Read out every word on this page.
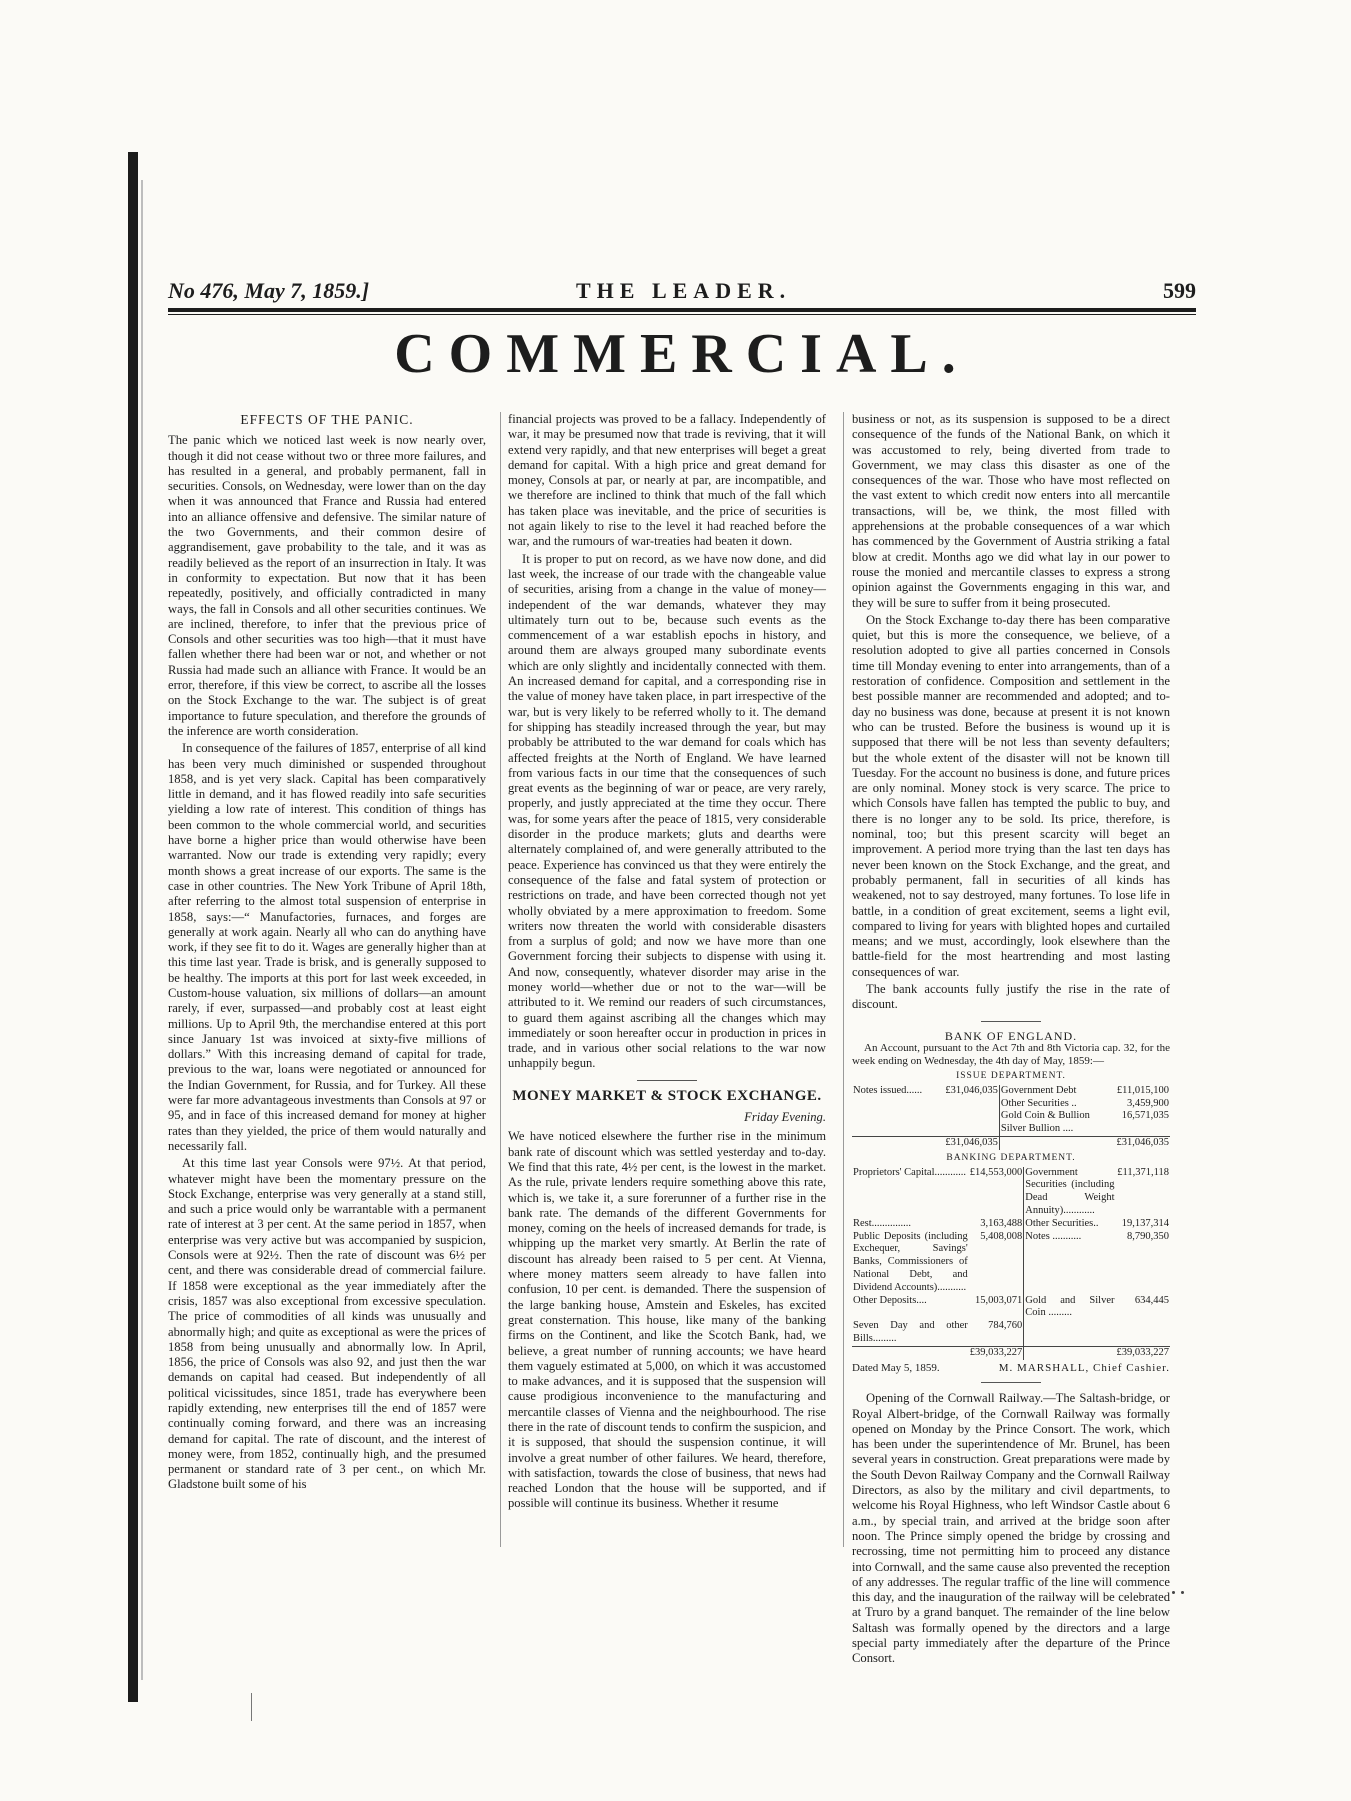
No 476, May 7, 1859.]	THE LEADER.	599
COMMERCIAL.
EFFECTS OF THE PANIC.

The panic which we noticed last week is now nearly over, though it did not cease without two or three more failures, and has resulted in a general, and probably permanent, fall in securities. Consols, on Wednesday, were lower than on the day when it was announced that France and Russia had entered into an alliance offensive and defensive. The similar nature of the two Governments, and their common desire of aggrandisement, gave probability to the tale, and it was as readily believed as the report of an insurrection in Italy. It was in conformity to expectation. But now that it has been repeatedly, positively, and officially contradicted in many ways, the fall in Consols and all other securities continues. We are inclined, therefore, to infer that the previous price of Consols and other securities was too high—that it must have fallen whether there had been war or not, and whether or not Russia had made such an alliance with France. It would be an error, therefore, if this view be correct, to ascribe all the losses on the Stock Exchange to the war. The subject is of great importance to future speculation, and therefore the grounds of the inference are worth consideration.

In consequence of the failures of 1857, enterprise of all kind has been very much diminished or suspended throughout 1858, and is yet very slack. Capital has been comparatively little in demand, and it has flowed readily into safe securities yielding a low rate of interest. This condition of things has been common to the whole commercial world, and securities have borne a higher price than would otherwise have been warranted. Now our trade is extending very rapidly; every month shows a great increase of our exports. The same is the case in other countries. The New York Tribune of April 18th, after referring to the almost total suspension of enterprise in 1858, says:—“ Manufactories, furnaces, and forges are generally at work again. Nearly all who can do anything have work, if they see fit to do it. Wages are generally higher than at this time last year. Trade is brisk, and is generally supposed to be healthy. The imports at this port for last week exceeded, in Custom-house valuation, six millions of dollars—an amount rarely, if ever, surpassed—and probably cost at least eight millions. Up to April 9th, the merchandise entered at this port since January 1st was invoiced at sixty-five millions of dollars.” With this increasing demand of capital for trade, previous to the war, loans were negotiated or announced for the Indian Government, for Russia, and for Turkey. All these were far more advantageous investments than Consols at 97 or 95, and in face of this increased demand for money at higher rates than they yielded, the price of them would naturally and necessarily fall.

At this time last year Consols were 97½. At that period, whatever might have been the momentary pressure on the Stock Exchange, enterprise was very generally at a stand still, and such a price would only be warrantable with a permanent rate of interest at 3 per cent. At the same period in 1857, when enterprise was very active but was accompanied by suspicion, Consols were at 92½. Then the rate of discount was 6½ per cent, and there was considerable dread of commercial failure. If 1858 were exceptional as the year immediately after the crisis, 1857 was also exceptional from excessive speculation. The price of commodities of all kinds was unusually and abnormally high; and quite as exceptional as were the prices of 1858 from being unusually and abnormally low. In April, 1856, the price of Consols was also 92, and just then the war demands on capital had ceased. But independently of all political vicissitudes, since 1851, trade has everywhere been rapidly extending, new enterprises till the end of 1857 were continually coming forward, and there was an increasing demand for capital. The rate of discount, and the interest of money were, from 1852, continually high, and the presumed permanent or standard rate of 3 per cent., on which Mr. Gladstone built some of his

financial projects was proved to be a fallacy. Independently of war, it may be presumed now that trade is reviving, that it will extend very rapidly, and that new enterprises will beget a great demand for capital. With a high price and great demand for money, Consols at par, or nearly at par, are incompatible, and we therefore are inclined to think that much of the fall which has taken place was inevitable, and the price of securities is not again likely to rise to the level it had reached before the war, and the rumours of war-treaties had beaten it down.

It is proper to put on record, as we have now done, and did last week, the increase of our trade with the changeable value of securities, arising from a change in the value of money—independent of the war demands, whatever they may ultimately turn out to be, because such events as the commencement of a war establish epochs in history, and around them are always grouped many subordinate events which are only slightly and incidentally connected with them. An increased demand for capital, and a corresponding rise in the value of money have taken place, in part irrespective of the war, but is very likely to be referred wholly to it. The demand for shipping has steadily increased through the year, but may probably be attributed to the war demand for coals which has affected freights at the North of England. We have learned from various facts in our time that the consequences of such great events as the beginning of war or peace, are very rarely, properly, and justly appreciated at the time they occur. There was, for some years after the peace of 1815, very considerable disorder in the produce markets; gluts and dearths were alternately complained of, and were generally attributed to the peace. Experience has convinced us that they were entirely the consequence of the false and fatal system of protection or restrictions on trade, and have been corrected though not yet wholly obviated by a mere approximation to freedom. Some writers now threaten the world with considerable disasters from a surplus of gold; and now we have more than one Government forcing their subjects to dispense with using it. And now, consequently, whatever disorder may arise in the money world—whether due or not to the war—will be attributed to it. We remind our readers of such circumstances, to guard them against ascribing all the changes which may immediately or soon hereafter occur in production in prices in trade, and in various other social relations to the war now unhappily begun.

MONEY MARKET & STOCK EXCHANGE.
Friday Evening.

We have noticed elsewhere the further rise in the minimum bank rate of discount which was settled yesterday and to-day. We find that this rate, 4½ per cent, is the lowest in the market. As the rule, private lenders require something above this rate, which is, we take it, a sure forerunner of a further rise in the bank rate. The demands of the different Governments for money, coming on the heels of increased demands for trade, is whipping up the market very smartly. At Berlin the rate of discount has already been raised to 5 per cent. At Vienna, where money matters seem already to have fallen into confusion, 10 per cent. is demanded. There the suspension of the large banking house, Amstein and Eskeles, has excited great consternation. This house, like many of the banking firms on the Continent, and like the Scotch Bank, had, we believe, a great number of running accounts; we have heard them vaguely estimated at 5,000, on which it was accustomed to make advances, and it is supposed that the suspension will cause prodigious inconvenience to the manufacturing and mercantile classes of Vienna and the neighbourhood. The rise there in the rate of discount tends to confirm the suspicion, and it is supposed, that should the suspension continue, it will involve a great number of other failures. We heard, therefore, with satisfaction, towards the close of business, that news had reached London that the house will be supported, and if possible will continue its business. Whether it resume

business or not, as its suspension is supposed to be a direct consequence of the funds of the National Bank, on which it was accustomed to rely, being diverted from trade to Government, we may class this disaster as one of the consequences of the war. Those who have most reflected on the vast extent to which credit now enters into all mercantile transactions, will be, we think, the most filled with apprehensions at the probable consequences of a war which has commenced by the Government of Austria striking a fatal blow at credit. Months ago we did what lay in our power to rouse the monied and mercantile classes to express a strong opinion against the Governments engaging in this war, and they will be sure to suffer from it being prosecuted.

On the Stock Exchange to-day there has been comparative quiet, but this is more the consequence, we believe, of a resolution adopted to give all parties concerned in Consols time till Monday evening to enter into arrangements, than of a restoration of confidence. Composition and settlement in the best possible manner are recommended and adopted; and to-day no business was done, because at present it is not known who can be trusted. Before the business is wound up it is supposed that there will be not less than seventy defaulters; but the whole extent of the disaster will not be known till Tuesday. For the account no business is done, and future prices are only nominal. Money stock is very scarce. The price to which Consols have fallen has tempted the public to buy, and there is no longer any to be sold. Its price, therefore, is nominal, too; but this present scarcity will beget an improvement. A period more trying than the last ten days has never been known on the Stock Exchange, and the great, and probably permanent, fall in securities of all kinds has weakened, not to say destroyed, many fortunes. To lose life in battle, in a condition of great excitement, seems a light evil, compared to living for years with blighted hopes and curtailed means; and we must, accordingly, look elsewhere than the battle-field for the most heartrending and most lasting consequences of war.

The bank accounts fully justify the rise in the rate of discount.

BANK OF ENGLAND.

An Account, pursuant to the Act 7th and 8th Victoria cap. 32, for the week ending on Wednesday, the 4th day of May, 1859:—

ISSUE DEPARTMENT.
Notes issued......	£31,046,035	Government Debt	£11,015,100
		Other Securities ..	3,459,900
		Gold Coin & Bullion	16,571,035
		Silver Bullion ....	
	£31,046,035		£31,046,035
BANKING DEPARTMENT.
Proprietors' Capital............	£14,553,000	Government Securities (including Dead Weight Annuity)............	£11,371,118
Rest...............	3,163,488	Other Securities..	19,137,314
Public Deposits (including Exchequer, Savings' Banks, Commissioners of National Debt, and Dividend Accounts)...........	5,408,008	Notes ...........	8,790,350
Other Deposits....	15,003,071	Gold and Silver Coin .........	634,445
Seven Day and other Bills.........	784,760		
	£39,033,227		£39,033,227
Dated May 5, 1859.	M. MARSHALL, Chief Cashier.

Opening of the Cornwall Railway.—The Saltash-bridge, or Royal Albert-bridge, of the Cornwall Railway was formally opened on Monday by the Prince Consort. The work, which has been under the superintendence of Mr. Brunel, has been several years in construction. Great preparations were made by the South Devon Railway Company and the Cornwall Railway Directors, as also by the military and civil departments, to welcome his Royal Highness, who left Windsor Castle about 6 a.m., by special train, and arrived at the bridge soon after noon. The Prince simply opened the bridge by crossing and recrossing, time not permitting him to proceed any distance into Cornwall, and the same cause also prevented the reception of any addresses. The regular traffic of the line will commence this day, and the inauguration of the railway will be celebrated at Truro by a grand banquet. The remainder of the line below Saltash was formally opened by the directors and a large special party immediately after the departure of the Prince Consort.
